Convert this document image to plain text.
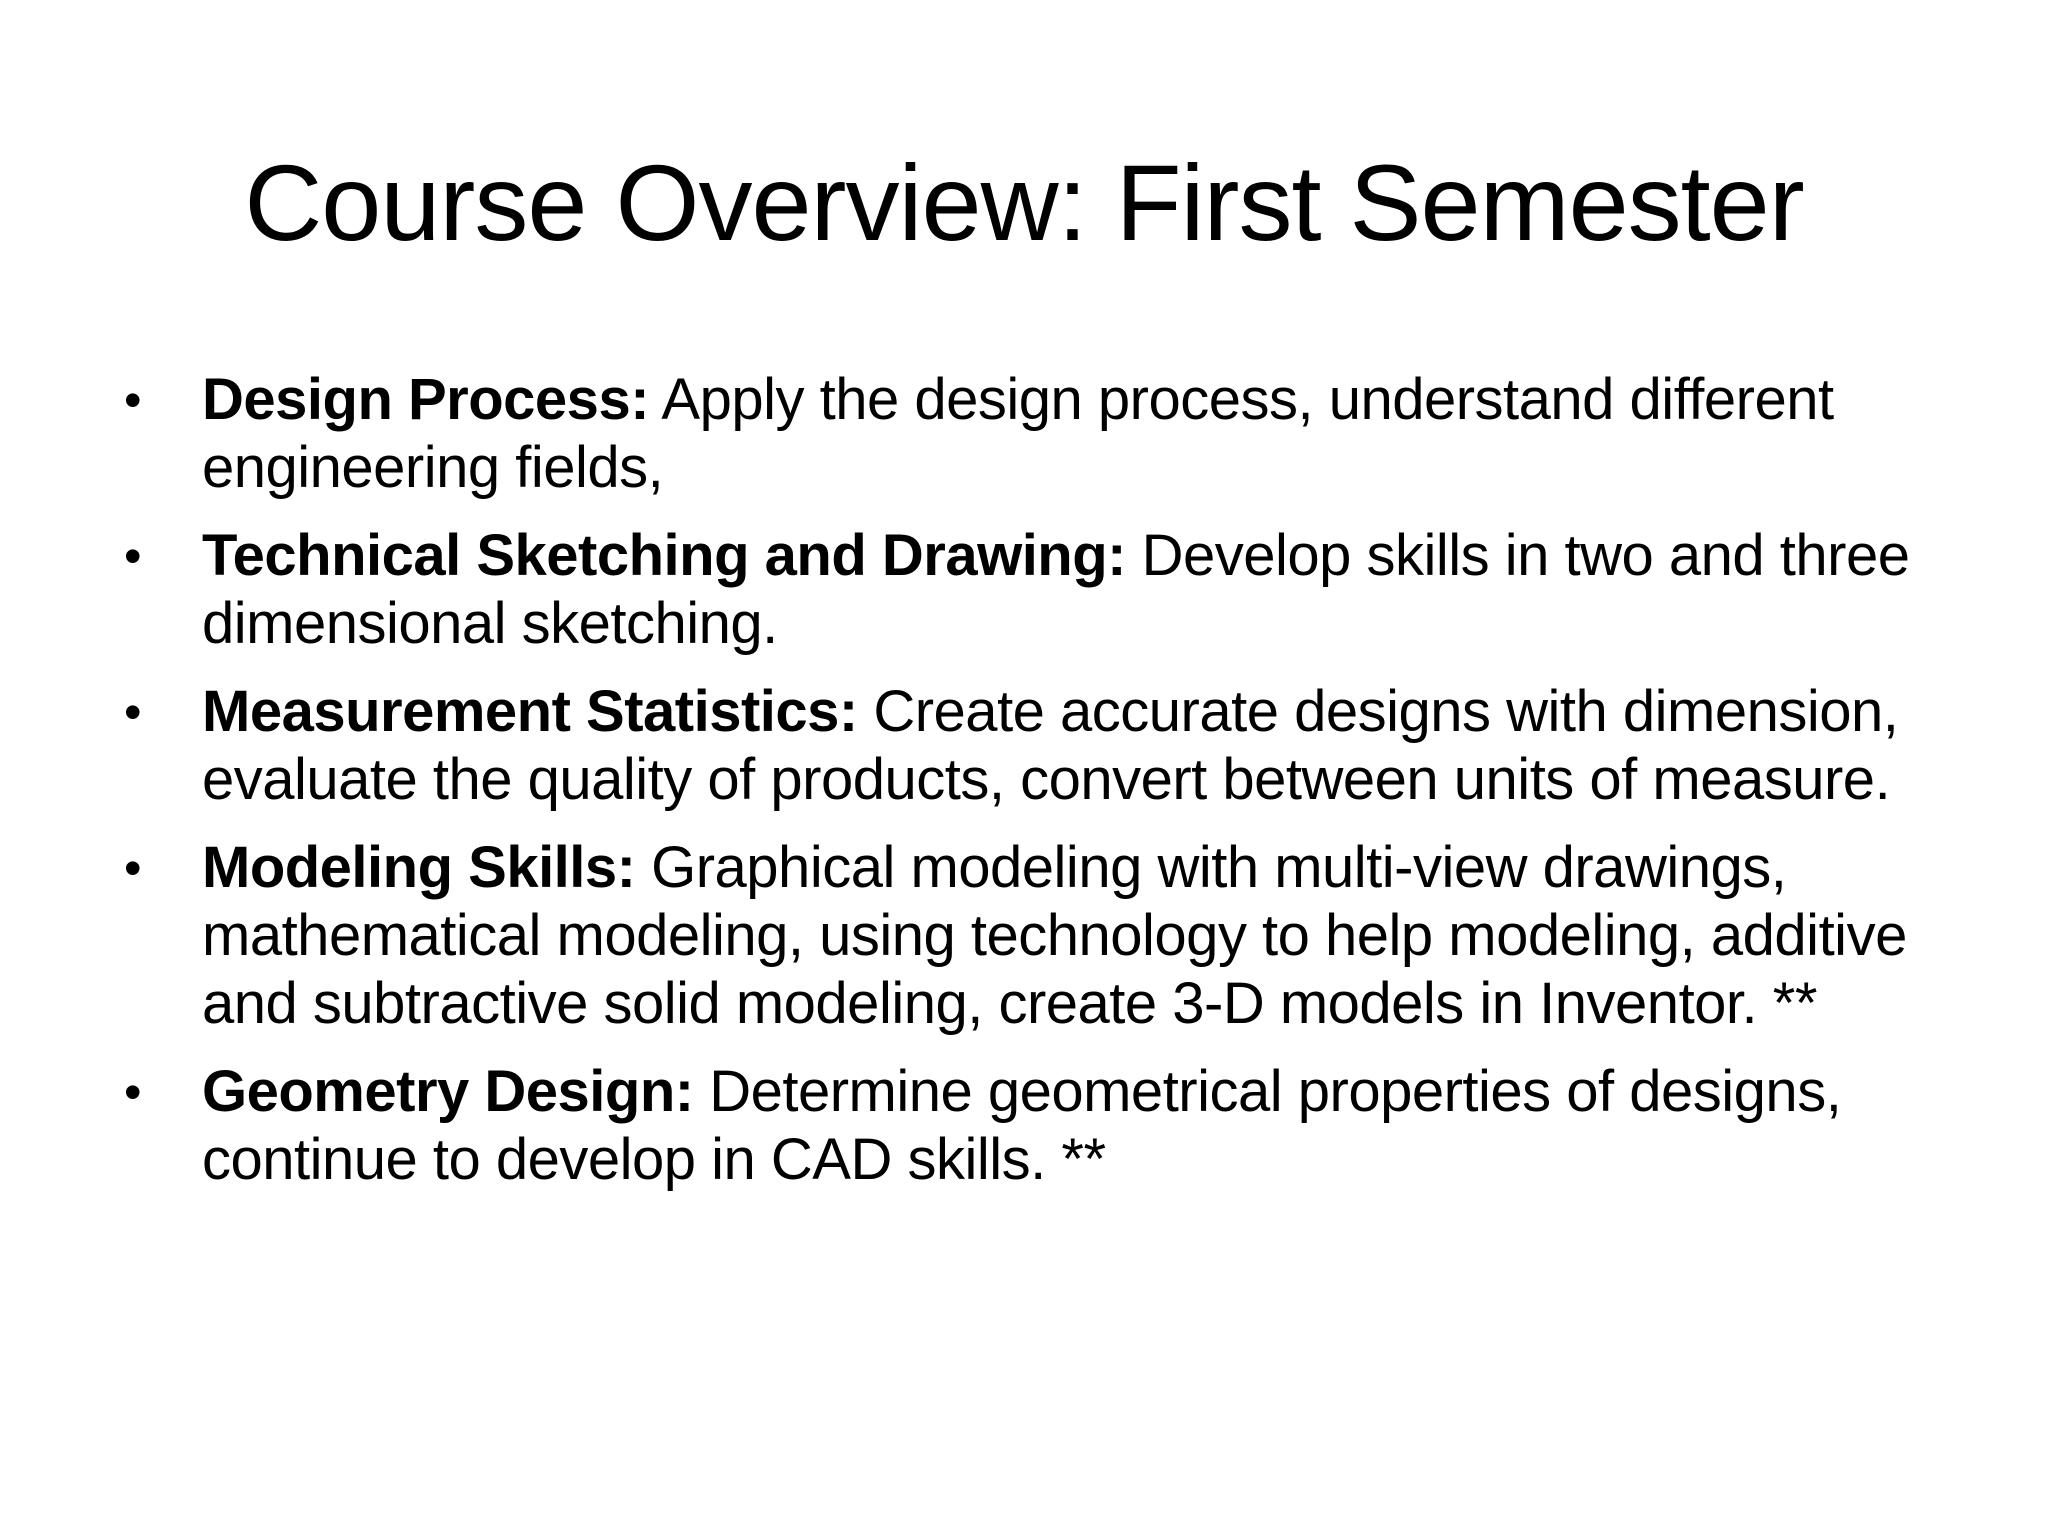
Course Overview: First Semester
•	Design Process: Apply the design process, understand different engineering fields,
•	Technical Sketching and Drawing: Develop skills in two and three dimensional sketching.
•	Measurement Statistics: Create accurate designs with dimension, evaluate the quality of products, convert between units of measure.
•	Modeling Skills: Graphical modeling with multi-view drawings, mathematical modeling, using technology to help modeling, additive and subtractive solid modeling, create 3-D models in Inventor. **
•	Geometry Design: Determine geometrical properties of designs, continue to develop in CAD skills. **
